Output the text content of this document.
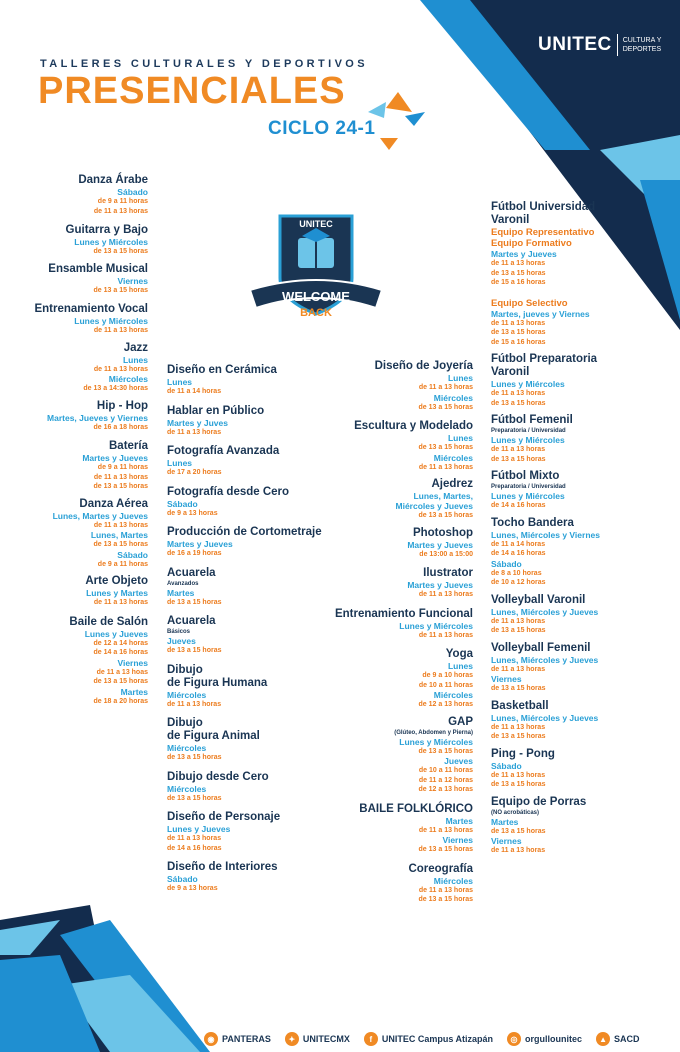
UNITEC CULTURA Y
DEPORTES
TALLERES CULTURALES Y DEPORTIVOS
PRESENCIALES
CICLO 24-1
UNITEC
WELCOME
BACK
Danza Árabe
Sábado
de 9 a 11 horas
de 11 a 13 horas
Guitarra y Bajo
Lunes y Miércoles
de 13 a 15 horas
Ensamble Musical
Viernes
de 13 a 15 horas
Entrenamiento Vocal
Lunes y Miércoles
de 11 a 13 horas
Jazz
Lunes
de 11 a 13 horas
Miércoles
de 13 a 14:30 horas
Hip - Hop
Martes, Jueves y Viernes
de 16 a 18 horas
Batería
Martes y Jueves
de 9 a 11 horas
de 11 a 13 horas
de 13 a 15 horas
Danza Aérea
Lunes, Martes y Jueves
de 11 a 13 horas
Lunes, Martes
de 13 a 15 horas
Sábado
de 9 a 11 horas
Arte Objeto
Lunes y Martes
de 11 a 13 horas
Baile de Salón
Lunes y Jueves
de 12 a 14 horas
de 14 a 16 horas
Viernes
de 11 a 13 hoas
de 13 a 15 horas
Martes
de 18 a 20 horas
Diseño en Cerámica
Lunes
de 11 a 14 horas
Hablar en Público
Martes y Juves
de 11 a 13 horas
Fotografía Avanzada
Lunes
de 17 a 20 horas
Fotografía desde Cero
Sábado
de 9 a 13 horas
Producción de Cortometraje
Martes y Jueves
de 16 a 19 horas
Acuarela
Avanzados
Martes
de 13 a 15 horas
Acuarela
Básicos
Jueves
de 13 a 15 horas
Dibujo
de Figura Humana
Miércoles
de 11 a 13 horas
Dibujo
de Figura Animal
Miércoles
de 13 a 15 horas
Dibujo desde Cero
Miércoles
de 13 a 15 horas
Diseño de Personaje
Lunes y Jueves
de 11 a 13 horas
de 14 a 16 horas
Diseño de Interiores
Sábado
de 9 a 13 horas
Diseño de Joyería
Lunes
de 11 a 13 horas
Miércoles
de 13 a 15 horas
Escultura y Modelado
Lunes
de 13 a 15 horas
Miércoles
de 11 a 13 horas
Ajedrez
Lunes, Martes,
Miércoles y Jueves
de 13 a 15 horas
Photoshop
Martes y Jueves
de 13:00 a 15:00
Ilustrator
Martes y Jueves
de 11 a 13 horas
Entrenamiento Funcional
Lunes y Miércoles
de 11 a 13 horas
Yoga
Lunes
de 9 a 10 horas
de 10 a 11 horas
Miércoles
de 12 a 13 horas
GAP
(Glúteo, Abdomen y Pierna)
Lunes y Miércoles
de 13 a 15 horas
Jueves
de 10 a 11 horas
de 11 a 12 horas
de 12 a 13 horas
BAILE FOLKLÓRICO
Martes
de 11 a 13 horas
Viernes
de 13 a 15 horas
Coreografía
Miércoles
de 11 a 13 horas
de 13 a 15 horas
Fútbol Universidad
Varonil
Equipo Representativo
Equipo Formativo
Martes y Jueves
de 11 a 13 horas
de 13 a 15 horas
de 15 a 16 horas
Equipo Selectivo
Martes, jueves y Viernes
de 11 a 13 horas
de 13 a 15 horas
de 15 a 16 horas
Fútbol Preparatoria
Varonil
Lunes y Miércoles
de 11 a 13 horas
de 13 a 15 horas
Fútbol Femenil
Preparatoria / Universidad
Lunes y Miércoles
de 11 a 13 horas
de 13 a 15 horas
Fútbol Mixto
Preparatoria / Universidad
Lunes y Miércoles
de 14 a 16 horas
Tocho Bandera
Lunes, Miércoles y Viernes
de 11 a 14 horas
de 14 a 16 horas
Sábado
de 8 a 10 horas
de 10 a 12 horas
Volleyball Varonil
Lunes, Miércoles y Jueves
de 11 a 13 horas
de 13 a 15 horas
Volleyball Femenil
Lunes, Miércoles y Jueves
de 11 a 13 horas
Viernes
de 13 a 15 horas
Basketball
Lunes, Miércoles y Jueves
de 11 a 13 horas
de 13 a 15 horas
Ping - Pong
Sábado
de 11 a 13 horas
de 13 a 15 horas
Equipo de Porras
(NO acrobáticas)
Martes
de 13 a 15 horas
Viernes
de 11 a 13 horas
◉ PANTERAS	✦ UNITECMX	f	UNITEC Campus Atizapán	◎ orgullounitec	▲ SACD
